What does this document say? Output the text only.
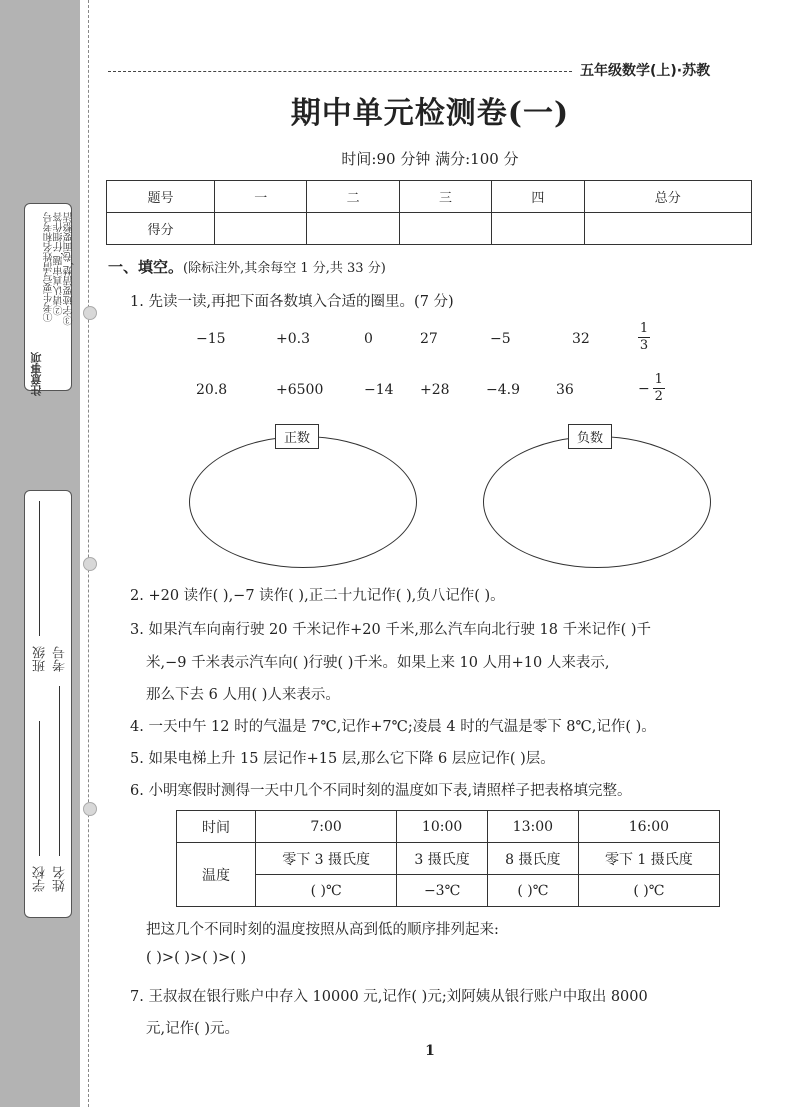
注意事项
①考生要写清姓名和考号 ②请认真审题,仔细作答 ③字迹要清楚,卷面要整洁
班级 考号
学校 姓名
五年级数学(上)·苏教
期中单元检测卷(一)
时间:90 分钟 满分:100 分
题号	一	二	三	四	总分
得分					
一、填空。(除标注外,其余每空 1 分,共 33 分)
1. 先读一读,再把下面各数填入合适的圈里。(7 分)
−15	+0.3	0	27	−5	32
1
3
20.8	+6500	−14 +28	−4.9	36	− $\frac{1}{2}$
正数	负数
2. +20 读作( ),−7 读作( ),正二十九记作( ),负八记作( )。
3. 如果汽车向南行驶 20 千米记作+20 千米,那么汽车向北行驶 18 千米记作( )千
米,−9 千米表示汽车向( )行驶( )千米。如果上来 10 人用+10 人来表示,
那么下去 6 人用( )人来表示。
4. 一天中午 12 时的气温是 7℃,记作+7℃;凌晨 4 时的气温是零下 8℃,记作( )。
5. 如果电梯上升 15 层记作+15 层,那么它下降 6 层应记作( )层。
6. 小明寒假时测得一天中几个不同时刻的温度如下表,请照样子把表格填完整。
时间	7:00	10:00	13:00	16:00
温度	零下 3 摄氏度	3 摄氏度	8 摄氏度	零下 1 摄氏度
	( )℃	−3℃	( )℃	( )℃
把这几个不同时刻的温度按照从高到低的顺序排列起来:
( )>( )>( )>( )
7. 王叔叔在银行账户中存入 10000 元,记作( )元;刘阿姨从银行账户中取出 8000
元,记作( )元。
1
